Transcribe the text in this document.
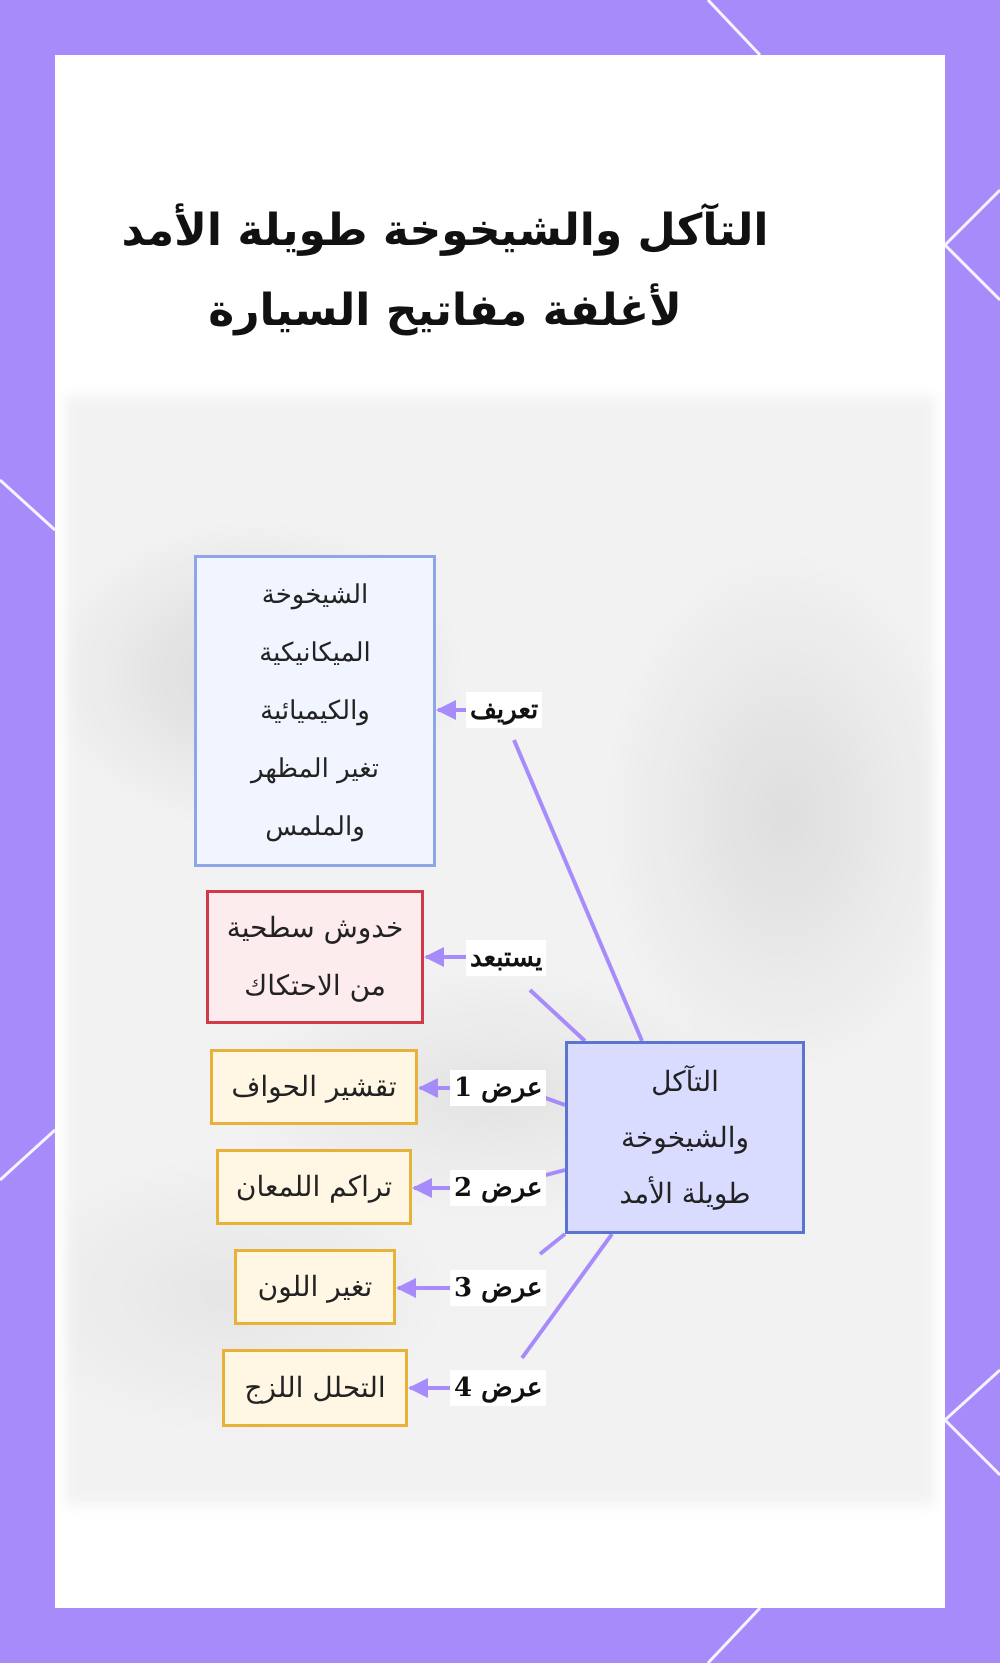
التآكل والشيخوخة طويلة الأمد
لأغلفة مفاتيح السيارة
الشيخوخة
الميكانيكية
والكيميائية
تغير المظهر
والملمس
خدوش سطحية
من الاحتكاك
تقشير الحواف
تراكم اللمعان
تغير اللون
التحلل اللزج
التآكل
والشيخوخة
طويلة الأمد
تعريف
يستبعد
عرض 1
عرض 2
عرض 3
عرض 4
